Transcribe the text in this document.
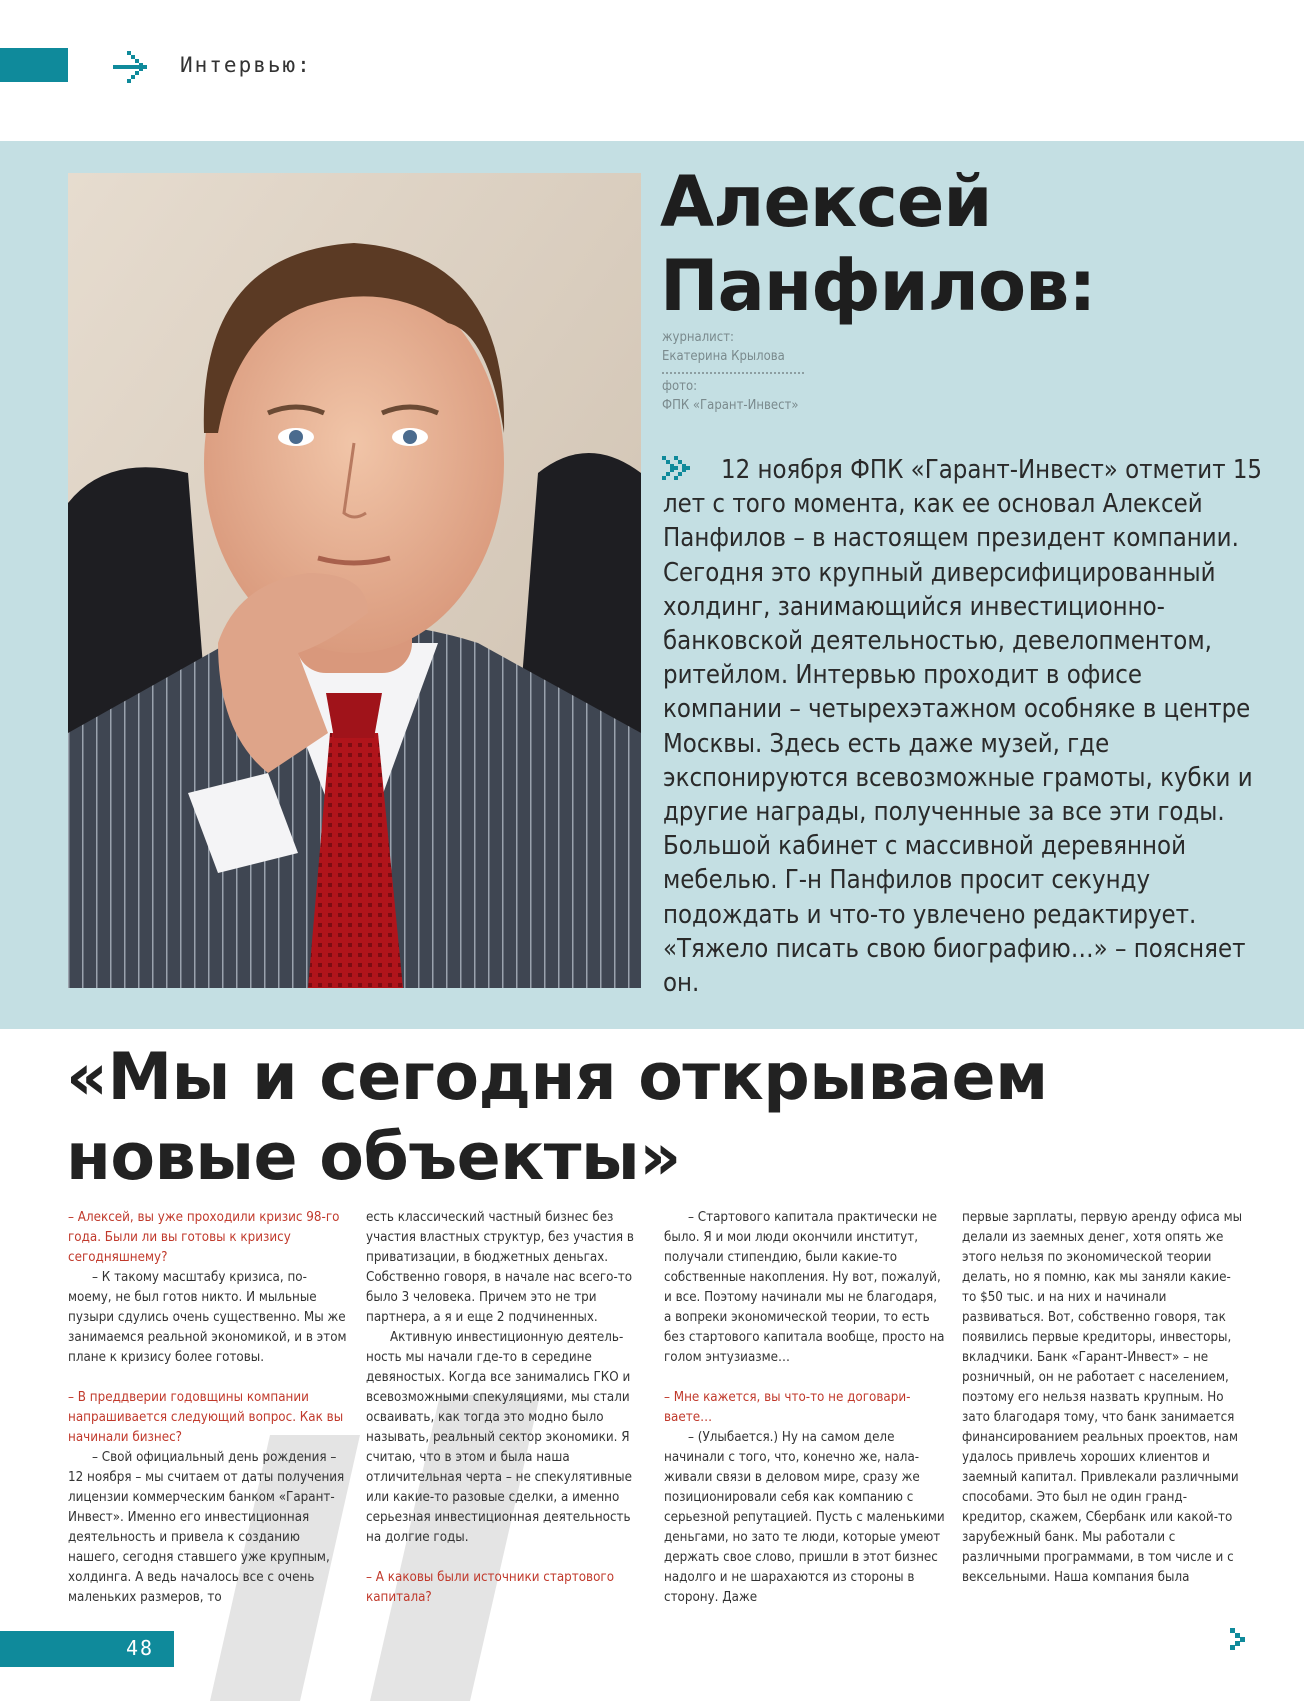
Интервью:
Алексей
Панфилов:
журналист:
Екатерина Крылова
фото:
ФПК «Гарант-Инвест»

12 ноября ФПК «Гарант-Инвест» отметит 15 лет с того момента, как ее основал Алексей Панфилов – в настоящем президент компании. Сегодня это крупный диверсифицированный холдинг, занимающийся инвестиционно-банковской деятельностью, девелопментом, ритейлом. Интервью проходит в офисе компании – четырехэтажном особняке в центре Москвы. Здесь есть даже музей, где экспонируются всевозможные грамоты, кубки и другие награды, полученные за все эти годы. Большой кабинет с массивной деревянной мебелью. Г-н Панфилов просит секунду подождать и что-то увлечено редактирует. «Тяжело писать свою биографию…» – поясняет он.

«Мы и сегодня открываем
новые объекты»

– Алексей, вы уже проходили кризис 98-го года. Были ли вы готовы к кризису сегодняшнему?

– К такому масштабу кризиса, по-моему, не был готов никто. И мыльные пузыри сдулись очень существенно. Мы же занимаемся реальной экономикой, и в этом плане к кризису более готовы.

– В преддверии годовщины компании напрашивается следующий вопрос. Как вы начинали бизнес?

– Свой официальный день рождения – 12 ноября – мы считаем от даты получения лицензии коммерческим банком «Гарант-Инвест». Именно его инвестиционная деятельность и привела к созданию нашего, сегодня ставшего уже крупным, холдинга. А ведь началось все с очень маленьких размеров, то

есть классический частный бизнес без участия властных структур, без участия в приватизации, в бюджетных деньгах. Собственно говоря, в начале нас всего-то было 3 человека. Причем это не три партнера, а я и еще 2 подчиненных.

Активную инвестиционную деятельность мы начали где-то в середине девяностых. Когда все занимались ГКО и всевозможными спекуляциями, мы стали осваивать, как тогда это модно было называть, реальный сектор экономики. Я считаю, что в этом и была наша отличительная черта – не спекулятивные или какие-то разовые сделки, а именно серьезная инвестиционная деятельность на долгие годы.

– А каковы были источники стартового капитала?

– Стартового капитала практически не было. Я и мои люди окончили институт, получали стипендию, были какие-то собственные накопления. Ну вот, пожалуй, и все. Поэтому начинали мы не благодаря, а вопреки экономической теории, то есть без стартового капитала вообще, просто на голом энтузиазме…

– Мне кажется, вы что-то не договариваете…

– (Улыбается.) Ну на самом деле начинали с того, что, конечно же, налаживали связи в деловом мире, сразу же позиционировали себя как компанию с серьезной репутацией. Пусть с маленькими деньгами, но зато те люди, которые умеют держать свое слово, пришли в этот бизнес надолго и не шарахаются из стороны в сторону. Даже

первые зарплаты, первую аренду офиса мы делали из заемных денег, хотя опять же этого нельзя по экономической теории делать, но я помню, как мы заняли какие-то $50 тыс. и на них и начинали развиваться. Вот, собственно говоря, так появились первые кредиторы, инвесторы, вкладчики. Банк «Гарант-Инвест» – не розничный, он не работает с населением, поэтому его нельзя назвать крупным. Но зато благодаря тому, что банк занимается финансированием реальных проектов, нам удалось привлечь хороших клиентов и заемный капитал. Привлекали различными способами. Это был не один гранд-кредитор, скажем, Сбербанк или какой-то зарубежный банк. Мы работали с различными программами, в том числе и с вексельными. Наша компания была

48
